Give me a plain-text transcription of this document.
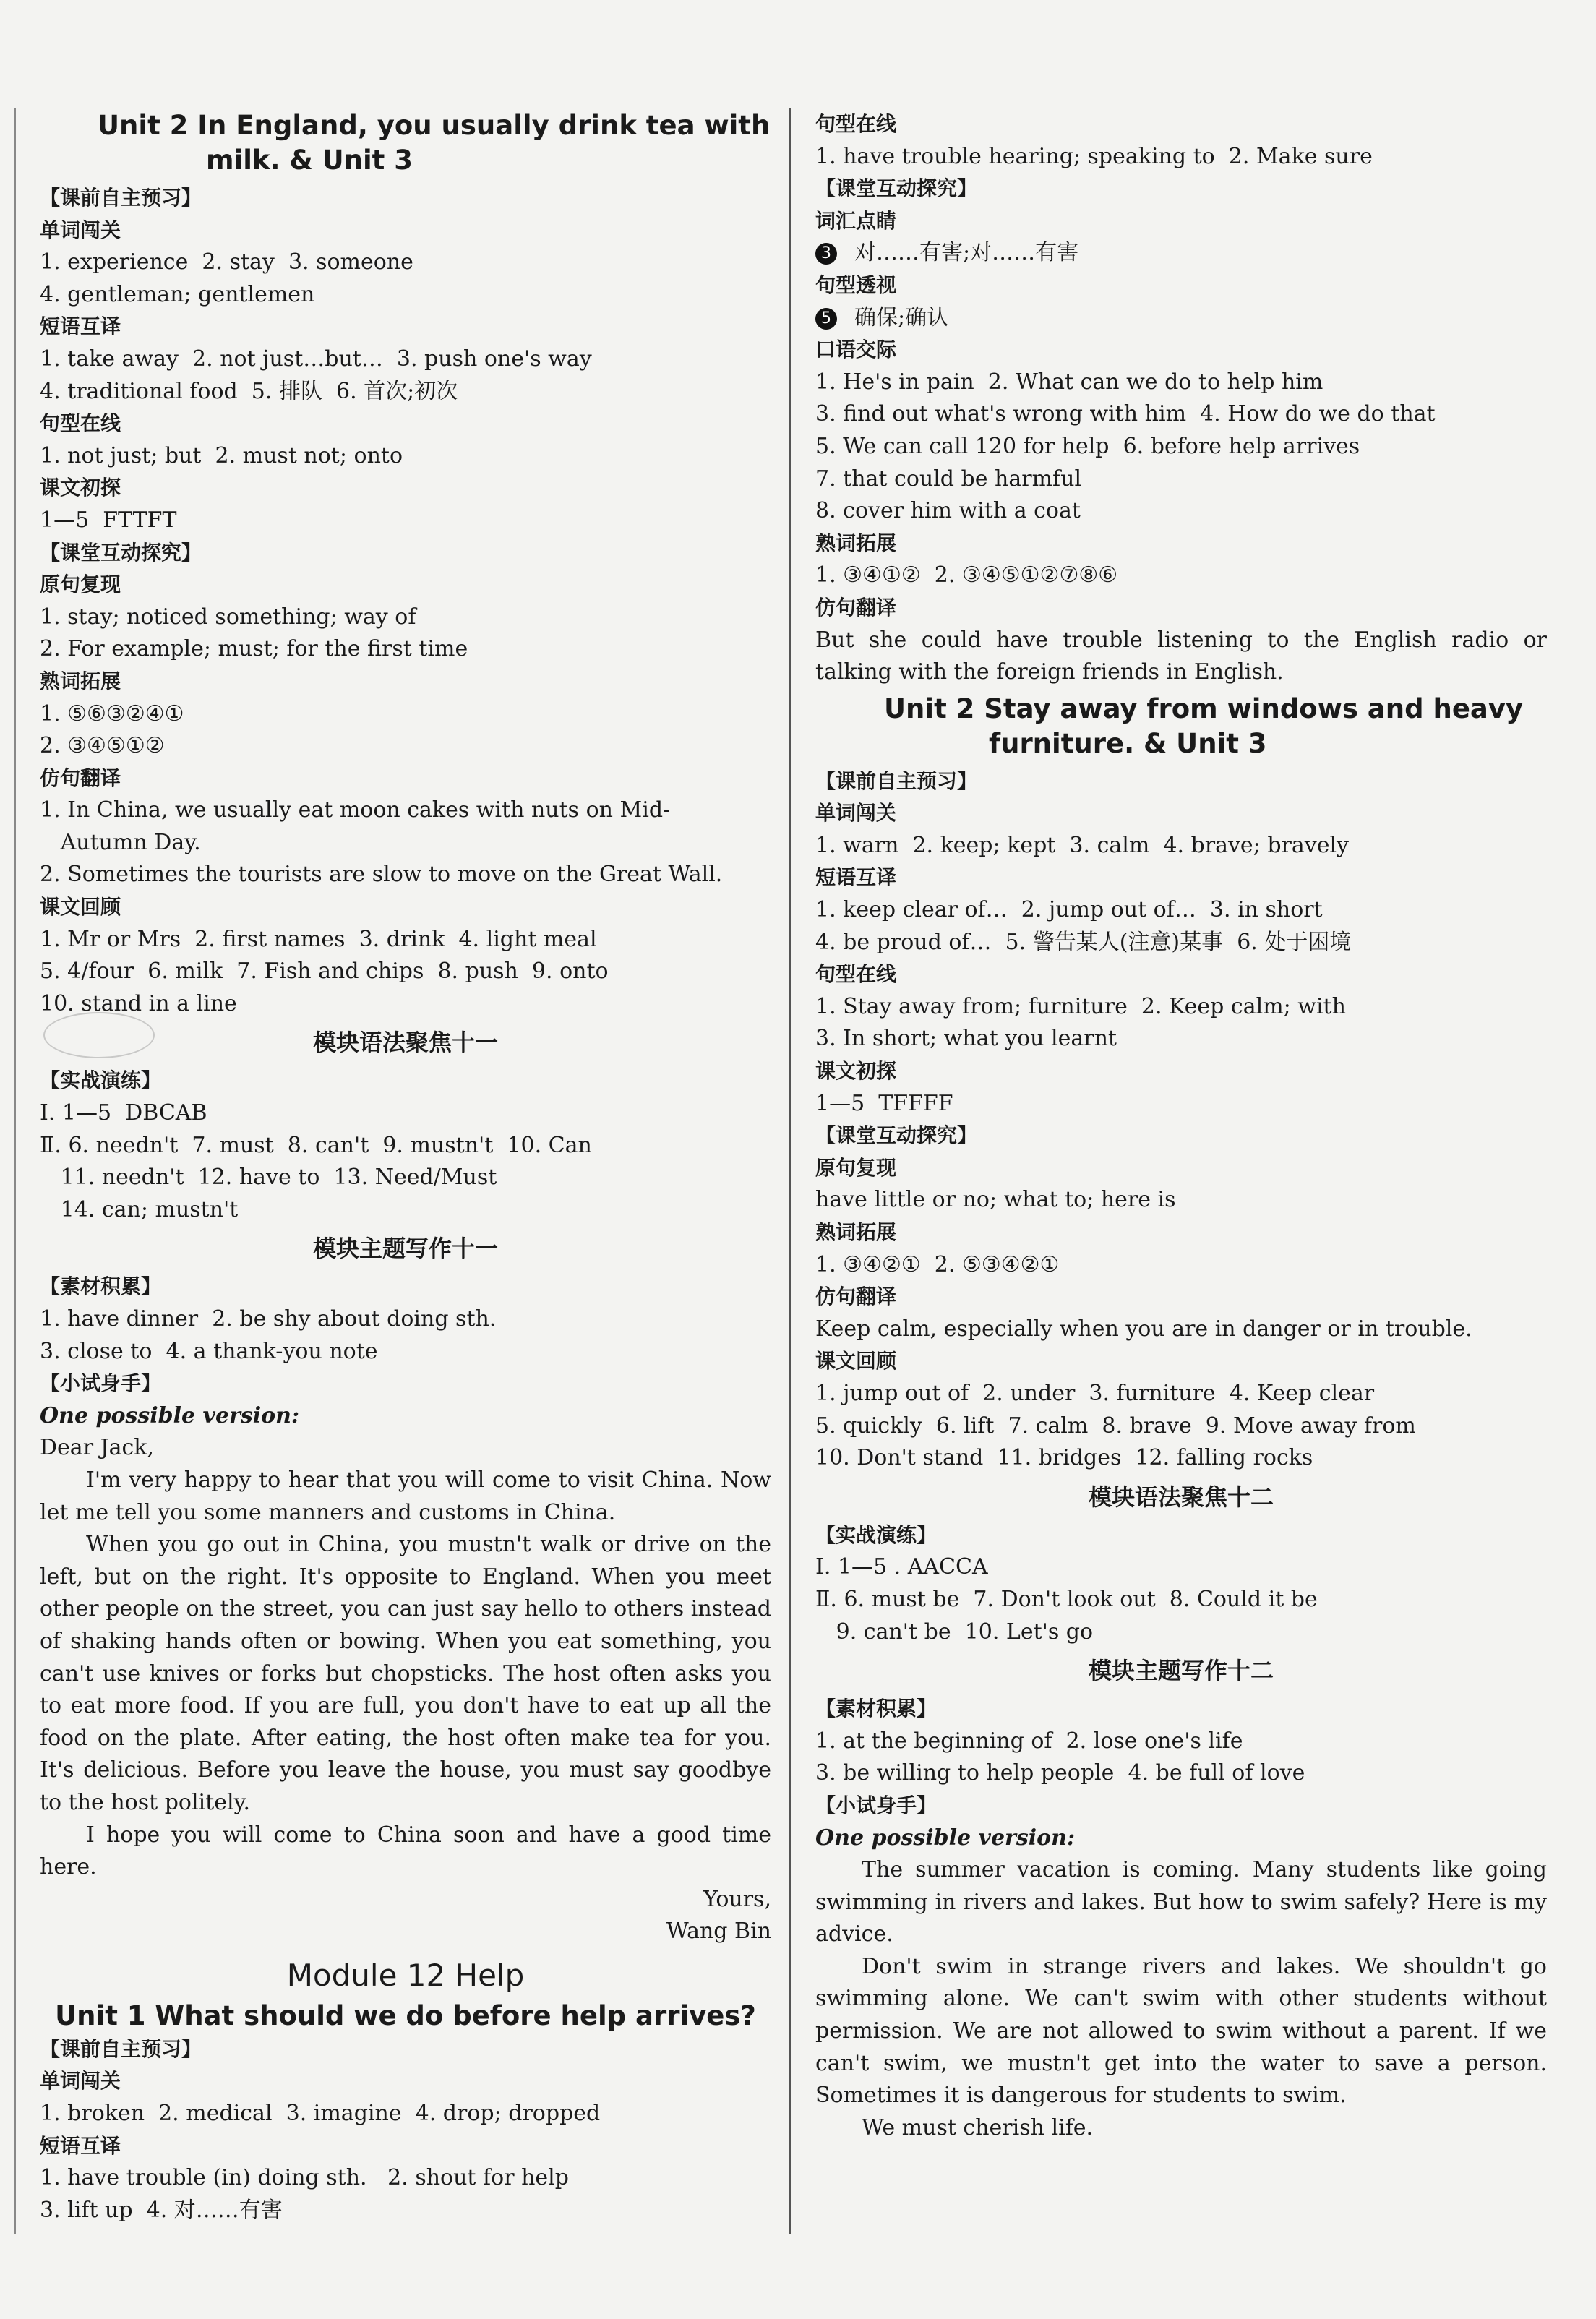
Unit 2 In England, you usually drink tea with
milk. & Unit 3
【课前自主预习】
单词闯关
1. experience  2. stay  3. someone
4. gentleman; gentlemen
短语互译
1. take away  2. not just…but…  3. push one's way
4. traditional food  5. 排队  6. 首次;初次
句型在线
1. not just; but  2. must not; onto
课文初探
1—5  FTTFT
【课堂互动探究】
原句复现
1. stay; noticed something; way of
2. For example; must; for the first time
熟词拓展
1. ⑤⑥③②④①
2. ③④⑤①②
仿句翻译
1. In China, we usually eat moon cakes with nuts on Mid-
Autumn Day.
2. Sometimes the tourists are slow to move on the Great Wall.
课文回顾
1. Mr or Mrs  2. first names  3. drink  4. light meal
5. 4/four  6. milk  7. Fish and chips  8. push  9. onto
10. stand in a line
模块语法聚焦十一
【实战演练】
Ⅰ. 1—5  DBCAB
Ⅱ. 6. needn't  7. must  8. can't  9. mustn't  10. Can
11. needn't  12. have to  13. Need/Must
14. can; mustn't
模块主题写作十一
【素材积累】
1. have dinner  2. be shy about doing sth.
3. close to  4. a thank-you note
【小试身手】
One possible version:
Dear Jack,
I'm very happy to hear that you will come to visit China. Now let me tell you some manners and customs in China.
When you go out in China, you mustn't walk or drive on the left, but on the right. It's opposite to England. When you meet other people on the street, you can just say hello to others instead of shaking hands often or bowing. When you eat something, you can't use knives or forks but chopsticks. The host often asks you to eat more food. If you are full, you don't have to eat up all the food on the plate. After eating, the host often make tea for you. It's delicious. Before you leave the house, you must say goodbye to the host politely.
I hope you will come to China soon and have a good time here.
Yours,
Wang Bin
Module 12 Help
Unit 1 What should we do before help arrives?
【课前自主预习】
单词闯关
1. broken  2. medical  3. imagine  4. drop; dropped
短语互译
1. have trouble (in) doing sth.   2. shout for help
3. lift up  4. 对……有害
句型在线
1. have trouble hearing; speaking to  2. Make sure
【课堂互动探究】
词汇点睛
3 对……有害;对……有害
句型透视
5 确保;确认
口语交际
1. He's in pain  2. What can we do to help him
3. find out what's wrong with him  4. How do we do that
5. We can call 120 for help  6. before help arrives
7. that could be harmful
8. cover him with a coat
熟词拓展
1. ③④①②  2. ③④⑤①②⑦⑧⑥
仿句翻译
But she could have trouble listening to the English radio or talking with the foreign friends in English.
Unit 2 Stay away from windows and heavy
furniture. & Unit 3
【课前自主预习】
单词闯关
1. warn  2. keep; kept  3. calm  4. brave; bravely
短语互译
1. keep clear of…  2. jump out of…  3. in short
4. be proud of…  5. 警告某人(注意)某事  6. 处于困境
句型在线
1. Stay away from; furniture  2. Keep calm; with
3. In short; what you learnt
课文初探
1—5  TFFFF
【课堂互动探究】
原句复现
have little or no; what to; here is
熟词拓展
1. ③④②①  2. ⑤③④②①
仿句翻译
Keep calm, especially when you are in danger or in trouble.
课文回顾
1. jump out of  2. under  3. furniture  4. Keep clear
5. quickly  6. lift  7. calm  8. brave  9. Move away from
10. Don't stand  11. bridges  12. falling rocks
模块语法聚焦十二
【实战演练】
Ⅰ. 1—5 . AACCA
Ⅱ. 6. must be  7. Don't look out  8. Could it be
9. can't be  10. Let's go
模块主题写作十二
【素材积累】
1. at the beginning of  2. lose one's life
3. be willing to help people  4. be full of love
【小试身手】
One possible version:
The summer vacation is coming. Many students like going swimming in rivers and lakes. But how to swim safely? Here is my advice.
Don't swim in strange rivers and lakes. We shouldn't go swimming alone. We can't swim with other students without permission. We are not allowed to swim without a parent. If we can't swim, we mustn't get into the water to save a person. Sometimes it is dangerous for students to swim.
We must cherish life.
